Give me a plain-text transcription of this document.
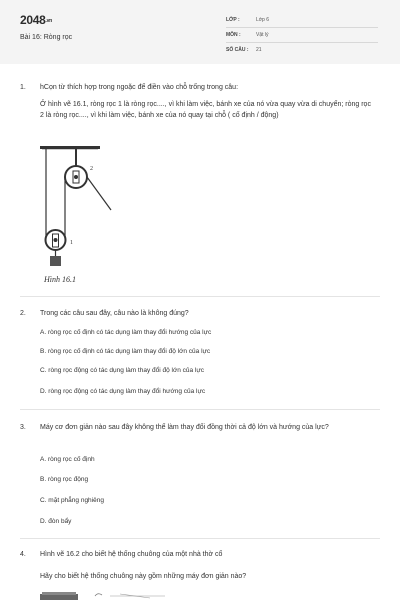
2048.vn
Bài 16: Ròng rọc
LỚP :	Lớp 6
MÔN :	Vật lý
SỐ CÂU : 21
1.	hCọn từ thích hợp trong ngoặc để điền vào chỗ trống trong câu:
Ở hình vẽ 16.1, ròng rọc 1 là ròng rọc...., vì khi làm việc, bánh xe của nó vừa quay vừa di chuyển; ròng rọc 2 là ròng rọc...., vì khi làm việc, bánh xe của nó quay tại chỗ ( cố định / động)
2
1
Hình 16.1
2.	Trong các câu sau đây, câu nào là không đúng?
A. ròng rọc cố định có tác dụng làm thay đổi hướng của lực
B. ròng rọc cố định có tác dụng làm thay đổi độ lớn của lực
C. ròng rọc động có tác dụng làm thay đổi độ lớn của lực
D. ròng rọc động có tác dụng làm thay đổi hướng của lực
3.	Máy cơ đơn giản nào sau đây không thể làm thay đổi đồng thời cả độ lớn và hướng của lực?
A. ròng rọc cố định
B. ròng rọc động
C. mặt phẳng nghiêng
D. đòn bẩy
4.	Hình vẽ 16.2 cho biết hệ thống chuông của một nhà thờ cổ
Hãy cho biết hệ thống chuông này gồm những máy đơn giản nào?
